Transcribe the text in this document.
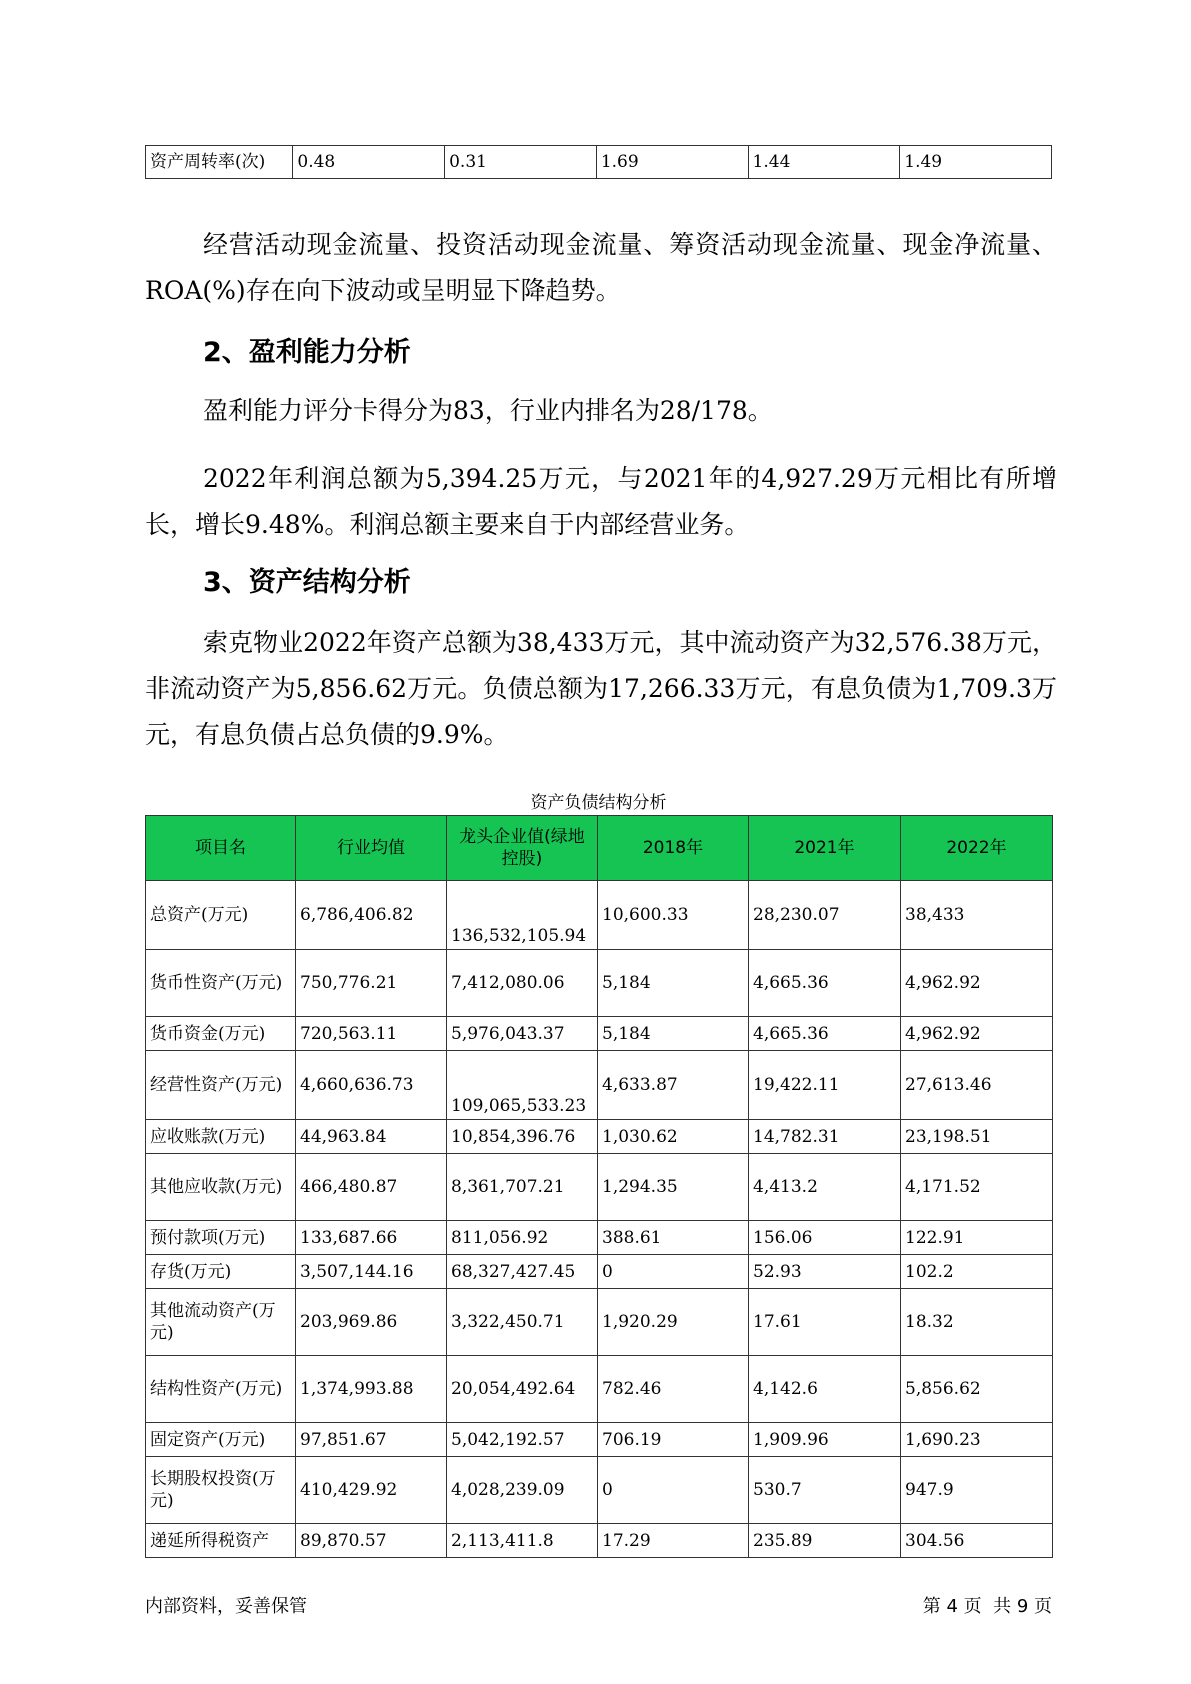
资产周转率(次)	0.48	0.31	1.69	1.44	1.49
经营活动现金流量、投资活动现金流量、筹资活动现金流量、现金净流量、ROA(%)存在向下波动或呈明显下降趋势。
2、盈利能力分析
盈利能力评分卡得分为83，行业内排名为28/178。
2022年利润总额为5,394.25万元，与2021年的4,927.29万元相比有所增长，增长9.48%。利润总额主要来自于内部经营业务。
3、资产结构分析
索克物业2022年资产总额为38,433万元，其中流动资产为32,576.38万元，非流动资产为5,856.62万元。负债总额为17,266.33万元，有息负债为1,709.3万元，有息负债占总负债的9.9%。
资产负债结构分析
项目名	行业均值	龙头企业值(绿地控股)	2018年	2021年	2022年
总资产(万元)	6,786,406.82	136,532,105.94	10,600.33	28,230.07	38,433
货币性资产(万元)	750,776.21	7,412,080.06	5,184	4,665.36	4,962.92
货币资金(万元)	720,563.11	5,976,043.37	5,184	4,665.36	4,962.92
经营性资产(万元)	4,660,636.73	109,065,533.23	4,633.87	19,422.11	27,613.46
应收账款(万元)	44,963.84	10,854,396.76	1,030.62	14,782.31	23,198.51
其他应收款(万元)	466,480.87	8,361,707.21	1,294.35	4,413.2	4,171.52
预付款项(万元)	133,687.66	811,056.92	388.61	156.06	122.91
存货(万元)	3,507,144.16	68,327,427.45	0	52.93	102.2
其他流动资产(万元)	203,969.86	3,322,450.71	1,920.29	17.61	18.32
结构性资产(万元)	1,374,993.88	20,054,492.64	782.46	4,142.6	5,856.62
固定资产(万元)	97,851.67	5,042,192.57	706.19	1,909.96	1,690.23
长期股权投资(万元)	410,429.92	4,028,239.09	0	530.7	947.9
递延所得税资产	89,870.57	2,113,411.8	17.29	235.89	304.56
内部资料，妥善保管	第 4 页  共 9 页
